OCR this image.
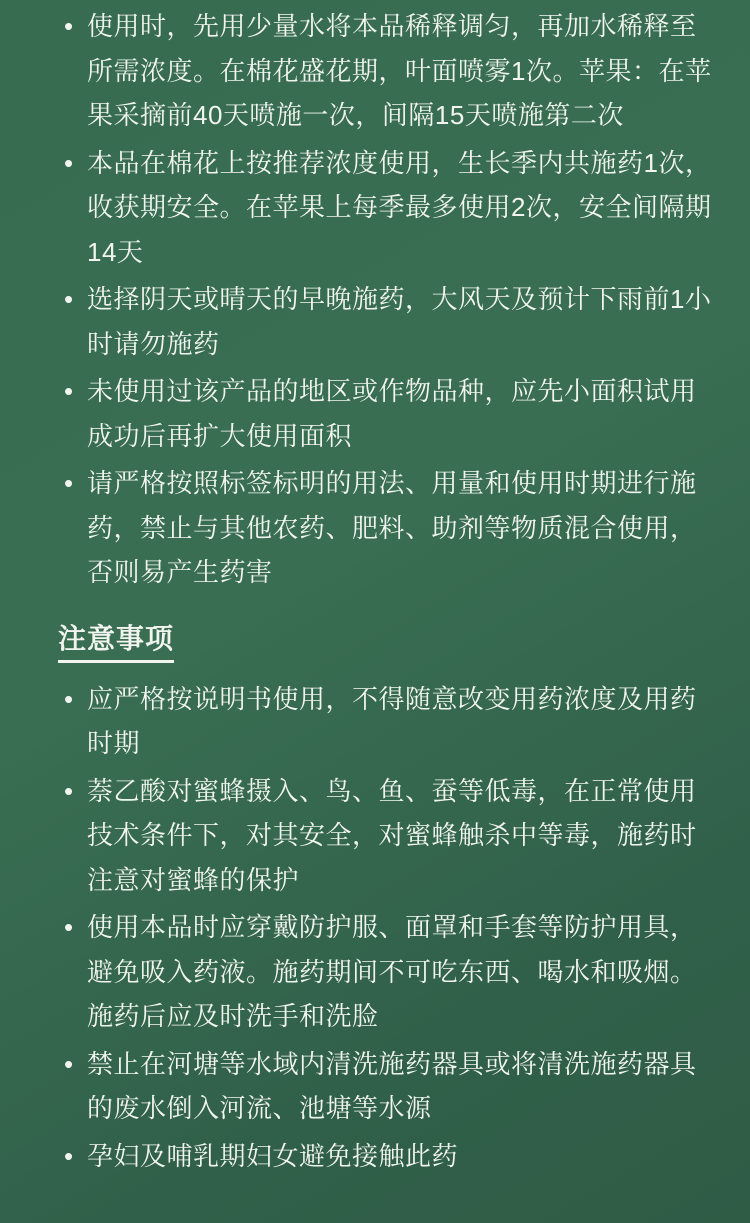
• 使用时，先用少量水将本品稀释调匀，再加水稀释至所需浓度。在棉花盛花期，叶面喷雾1次。苹果：在苹果采摘前40天喷施一次，间隔15天喷施第二次
• 本品在棉花上按推荐浓度使用，生长季内共施药1次，收获期安全。在苹果上每季最多使用2次，安全间隔期14天
• 选择阴天或晴天的早晚施药，大风天及预计下雨前1小时请勿施药
• 未使用过该产品的地区或作物品种，应先小面积试用成功后再扩大使用面积
• 请严格按照标签标明的用法、用量和使用时期进行施药，禁止与其他农药、肥料、助剂等物质混合使用，否则易产生药害
注意事项
• 应严格按说明书使用，不得随意改变用药浓度及用药时期
• 萘乙酸对蜜蜂摄入、鸟、鱼、蚕等低毒，在正常使用技术条件下，对其安全，对蜜蜂触杀中等毒，施药时注意对蜜蜂的保护
• 使用本品时应穿戴防护服、面罩和手套等防护用具，避免吸入药液。施药期间不可吃东西、喝水和吸烟。施药后应及时洗手和洗脸
• 禁止在河塘等水域内清洗施药器具或将清洗施药器具的废水倒入河流、池塘等水源
• 孕妇及哺乳期妇女避免接触此药
